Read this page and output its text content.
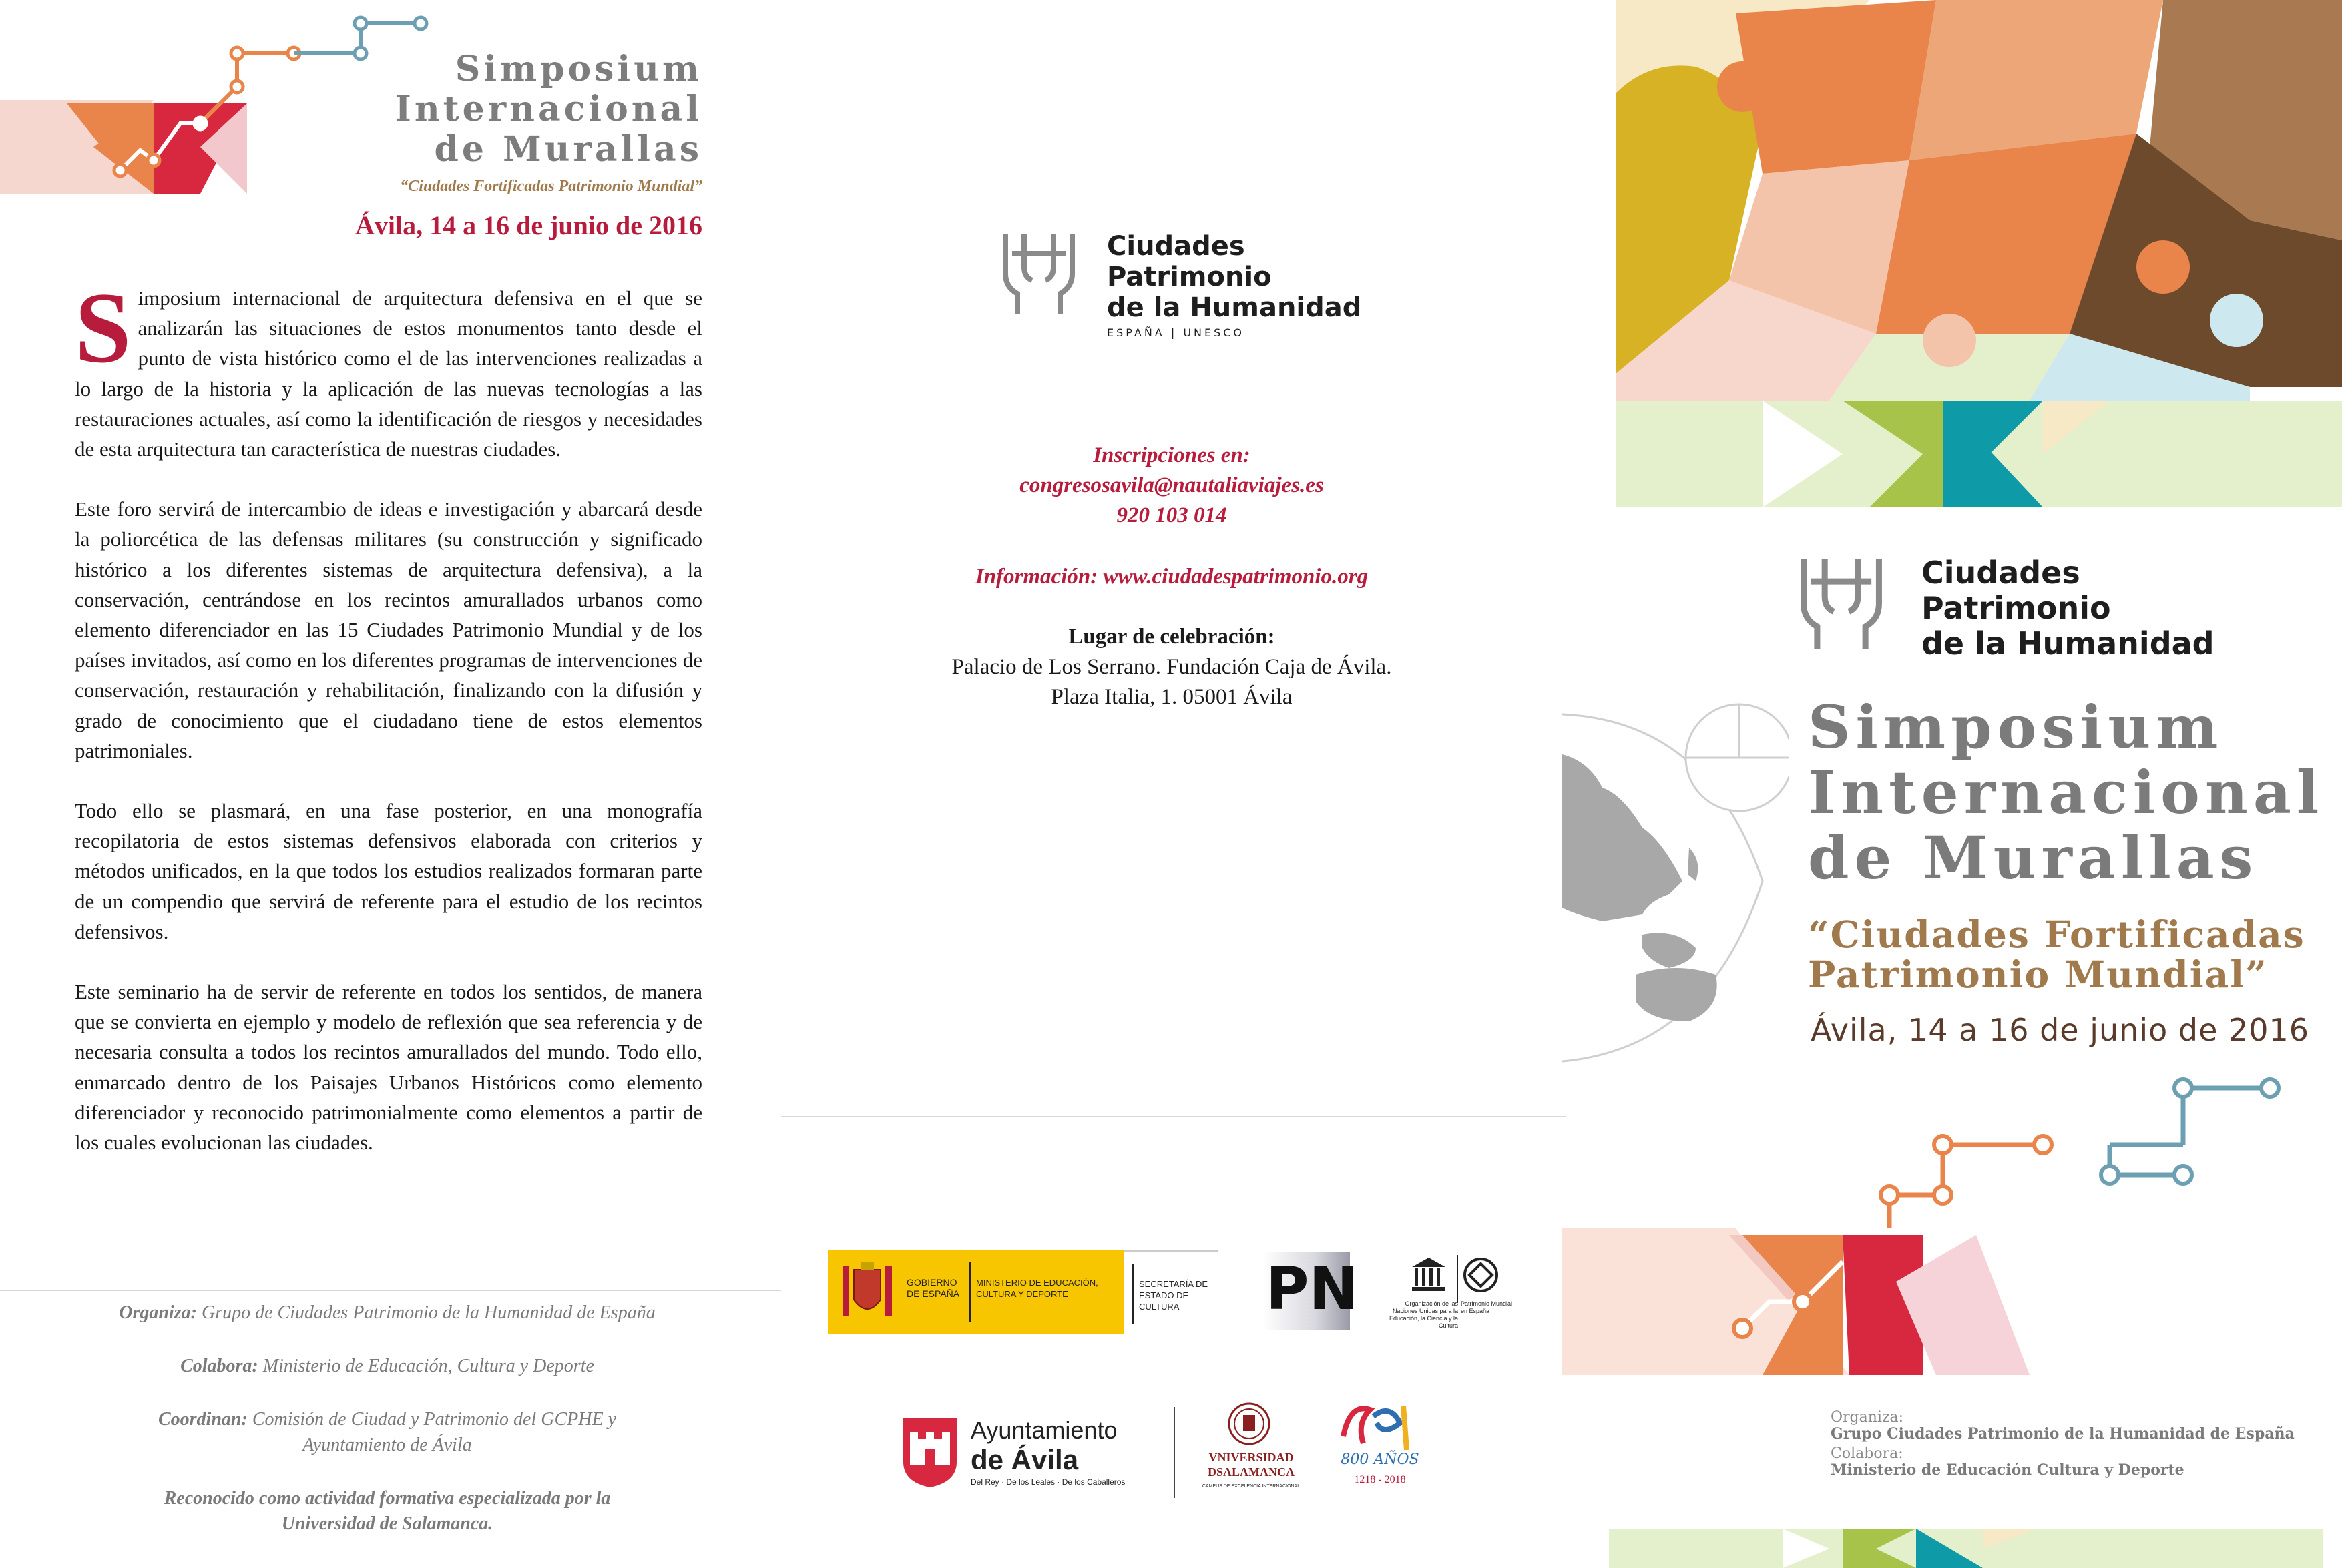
Simposium
Internacional
de Murallas
“Ciudades Fortificadas Patrimonio Mundial”
Ávila, 14 a 16 de junio de 2016

Simposium internacional de arquitectura defensiva en el que se analizarán las situaciones de estos monumentos tanto desde el punto de vista histórico como el de las intervenciones realizadas a lo largo de la historia y la aplicación de las nuevas tecnologías a las restauraciones actuales, así como la identificación de riesgos y necesidades de esta arquitectura tan característica de nuestras ciudades.

Este foro servirá de intercambio de ideas e investigación y abarcará desde la poliorcética de las defensas militares (su construcción y significado histórico a los diferentes sistemas de arquitectura defensiva), a la conservación, centrándose en los recintos amurallados urbanos como elemento diferenciador en las 15 Ciudades Patrimonio Mundial y de los países invitados, así como en los diferentes programas de intervenciones de conservación, restauración y rehabilitación, finalizando con la difusión y grado de conocimiento que el ciudadano tiene de estos elementos patrimoniales.

Todo ello se plasmará, en una fase posterior, en una monografía recopilatoria de estos sistemas defensivos elaborada con criterios y métodos unificados, en la que todos los estudios realizados formaran parte de un compendio que servirá de referente para el estudio de los recintos defensivos.

Este seminario ha de servir de referente en todos los sentidos, de manera que se convierta en ejemplo y modelo de reflexión que sea referencia y de necesaria consulta a todos los recintos amurallados del mundo. Todo ello, enmarcado dentro de los Paisajes Urbanos Históricos como elemento diferenciador y reconocido patrimonialmente como elementos a partir de los cuales evolucionan las ciudades.

Organiza: Grupo de Ciudades Patrimonio de la Humanidad de España
Colabora: Ministerio de Educación, Cultura y Deporte
Coordinan: Comisión de Ciudad y Patrimonio del GCPHE y Ayuntamiento de Ávila
Reconocido como actividad formativa especializada por la Universidad de Salamanca.
Ciudades
Patrimonio
de la Humanidad
ESPAÑA | UNESCO
Inscripciones en:
congresosavila@nautaliaviajes.es
920 103 014
Información: www.ciudadespatrimonio.org
Lugar de celebración:
Palacio de Los Serrano. Fundación Caja de Ávila.
Plaza Italia, 1. 05001 Ávila
GOBIERNO DE ESPAÑA
MINISTERIO DE EDUCACIÓN, CULTURA Y DEPORTE
SECRETARÍA DE ESTADO DE CULTURA	PN	Organización de las Naciones Unidas para la Educación, la Ciencia y la Cultura
Patrimonio Mundial en España
Ayuntamiento
de Ávila
Del Rey · De los Leales · De los Caballeros
VNIVERSIDAD DSALAMANCA
CAMPUS DE EXCELENCIA INTERNACIONAL
800 AÑOS
1218 - 2018
Ciudades
Patrimonio
de la Humanidad
Simposium
Internacional
de Murallas
“Ciudades Fortificadas
Patrimonio Mundial”
Ávila, 14 a 16 de junio de 2016
Organiza:
Grupo Ciudades Patrimonio de la Humanidad de España
Colabora:
Ministerio de Educación Cultura y Deporte
